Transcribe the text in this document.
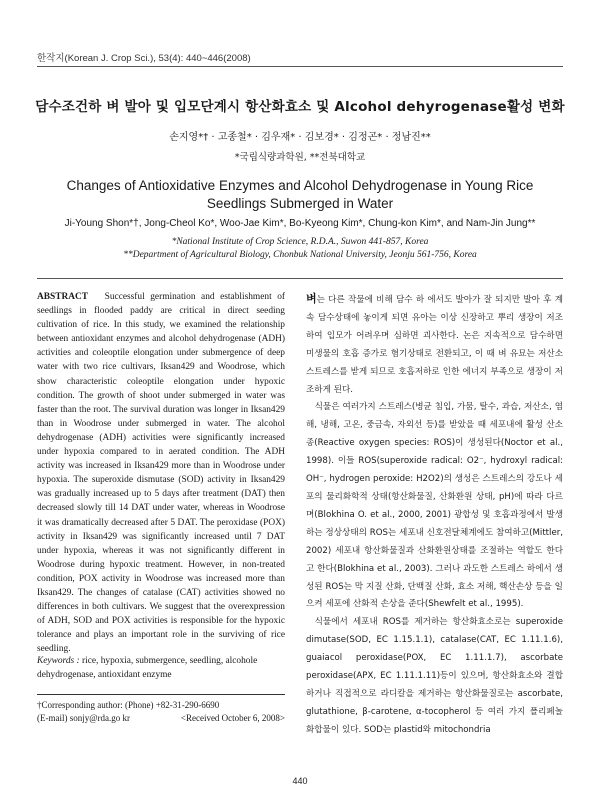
한작지(Korean J. Crop Sci.), 53(4): 440~446(2008)
담수조건하 벼 발아 및 입모단계시 항산화효소 및 Alcohol dehyrogenase활성 변화
손지영*† · 고종철* · 김우재* · 김보경* · 김정곤* · 정남진**
*국립식량과학원, **전북대학교
Changes of Antioxidative Enzymes and Alcohol Dehydrogenase in Young Rice
Seedlings Submerged in Water
Ji-Young Shon*†, Jong-Cheol Ko*, Woo-Jae Kim*, Bo-Kyeong Kim*, Chung-kon Kim*, and Nam-Jin Jung**
*National Institute of Crop Science, R.D.A., Suwon 441-857, Korea
**Department of Agricultural Biology, Chonbuk National University, Jeonju 561-756, Korea
ABSTRACT Successful germination and establishment of seedlings in flooded paddy are critical in direct seeding cultivation of rice. In this study, we examined the relationship between antioxidant enzymes and alcohol dehydrogenase (ADH) activities and coleoptile elongation under submergence of deep water with two rice cultivars, Iksan429 and Woodrose, which show characteristic coleoptile elongation under hypoxic condition. The growth of shoot under submerged in water was faster than the root. The survival duration was longer in Iksan429 than in Woodrose under submerged in water. The alcohol dehydrogenase (ADH) activities were significantly increased under hypoxia compared to in aerated condition. The ADH activity was increased in Iksan429 more than in Woodrose under hypoxia. The superoxide dismutase (SOD) activity in Iksan429 was gradually increased up to 5 days after treatment (DAT) then decreased slowly till 14 DAT under water, whereas in Woodrose it was dramatically decreased after 5 DAT. The peroxidase (POX) activity in Iksan429 was significantly increased until 7 DAT under hypoxia, whereas it was not significantly different in Woodrose during hypoxic treatment. However, in non-treated condition, POX activity in Woodrose was increased more than Iksan429. The changes of catalase (CAT) activities showed no differences in both cultivars. We suggest that the overexpression of ADH, SOD and POX activities is responsible for the hypoxic tolerance and plays an important role in the surviving of rice seedling.
Keywords : rice, hypoxia, submergence, seedling, alcohole dehydrogenase, antioxidant enzyme
†Corresponding author: (Phone) +82-31-290-6690
(E-mail) sonjy@rda.go kr	<Received October 6, 2008>

벼는 다른 작물에 비해 담수 하 에서도 발아가 잘 되지만 발아 후 계속 담수상태에 놓이게 되면 유아는 이상 신장하고 뿌리 생장이 저조하여 입모가 어려우며 심하면 괴사한다. 논은 지속적으로 담수하면 미생물의 호흡 증가로 혐기상태로 전환되고, 이 때 벼 유묘는 저산소 스트레스를 받게 되므로 호흡저하로 인한 에너지 부족으로 생장이 저조하게 된다.

식물은 여러가지 스트레스(병균 침입, 가뭄, 탈수, 과습, 저산소, 염해, 냉해, 고온, 중금속, 자외선 등)를 받았을 때 세포내에 활성 산소종(Reactive oxygen species: ROS)이 생성된다(Noctor et al., 1998). 이들 ROS(superoxide radical: O2⁻, hydroxyl radical: OH⁻, hydrogen peroxide: H2O2)의 생성은 스트레스의 강도나 세포의 물리화학적 상태(항산화물질, 산화환원 상태, pH)에 따라 다르며(Blokhina O. et al., 2000, 2001) 광합성 및 호흡과정에서 발생하는 정상상태의 ROS는 세포내 신호전달체계에도 참여하고(Mittler, 2002) 세포내 항산화물질과 산화환원상태를 조절하는 역할도 한다고 한다(Blokhina et al., 2003). 그러나 과도한 스트레스 하에서 생성된 ROS는 막 지질 산화, 단백질 산화, 효소 저해, 핵산손상 등을 일으켜 세포에 산화적 손상을 준다(Shewfelt et al., 1995).

식물에서 세포내 ROS를 제거하는 항산화효소로는 superoxide dimutase(SOD, EC 1.15.1.1), catalase(CAT, EC 1.11.1.6), guaiacol peroxidase(POX, EC 1.11.1.7), ascorbate peroxidase(APX, EC 1.11.1.11)등이 있으며, 항산화효소와 결합하거나 직접적으로 라디칼을 제거하는 항산화물질로는 ascorbate, glutathione, β-carotene, α-tocopherol 등 여러 가지 폴리페놀 화합물이 있다. SOD는 plastid와 mitochondria

440
